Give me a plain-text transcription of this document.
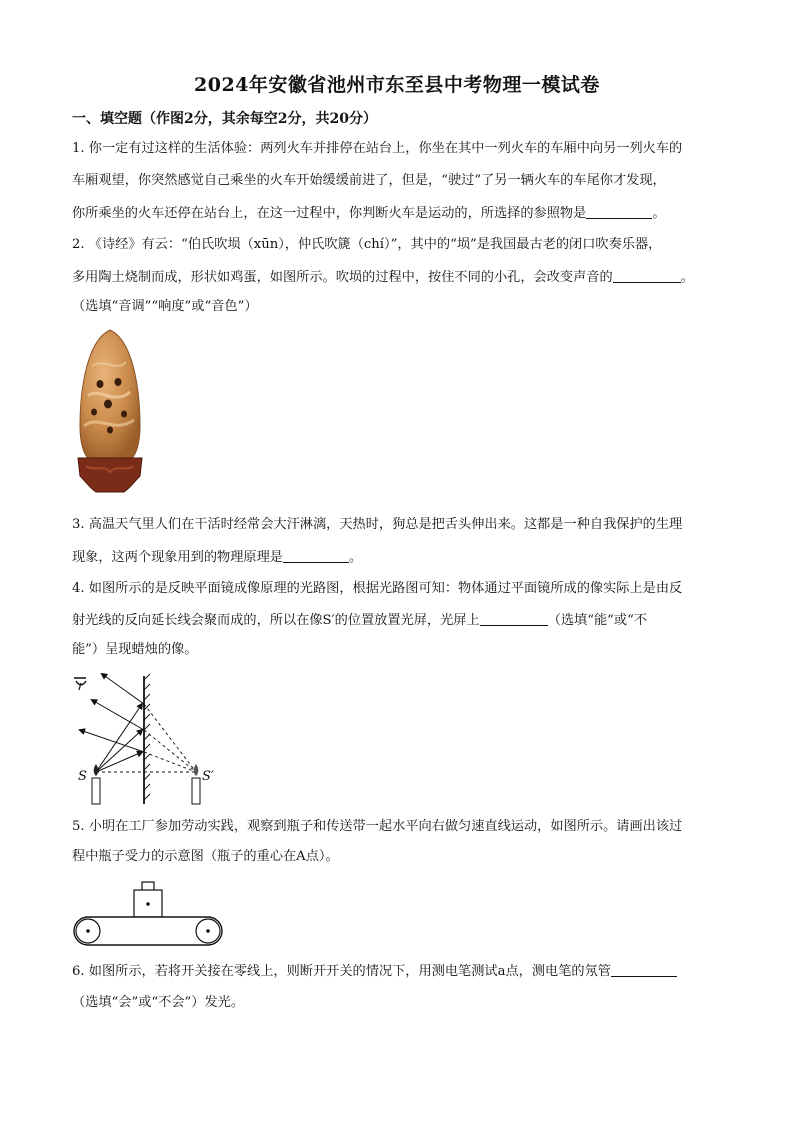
2024年安徽省池州市东至县中考物理一模试卷
一、填空题（作图2分，其余每空2分，共20分）
1. 你一定有过这样的生活体验：两列火车并排停在站台上，你坐在其中一列火车的车厢中向另一列火车的
车厢观望，你突然感觉自己乘坐的火车开始缓缓前进了，但是，“驶过”了另一辆火车的车尾你才发现，
你所乘坐的火车还停在站台上，在这一过程中，你判断火车是运动的，所选择的参照物是	。
2. 《诗经》有云：“伯氏吹埙（xūn），仲氏吹篪（chí）”，其中的“埙”是我国最古老的闭口吹奏乐器，
多用陶土烧制而成，形状如鸡蛋，如图所示。吹埙的过程中，按住不同的小孔，会改变声音的	。
（选填“音调”“响度”或“音色”）
3. 高温天气里人们在干活时经常会大汗淋漓，天热时，狗总是把舌头伸出来。这都是一种自我保护的生理
现象，这两个现象用到的物理原理是	。
4. 如图所示的是反映平面镜成像原理的光路图，根据光路图可知：物体通过平面镜所成的像实际上是由反
射光线的反向延长线会聚而成的，所以在像S′的位置放置光屏，光屏上	（选填“能”或“不
能”）呈现蜡烛的像。
S	S′
5. 小明在工厂参加劳动实践，观察到瓶子和传送带一起水平向右做匀速直线运动，如图所示。请画出该过
程中瓶子受力的示意图（瓶子的重心在A点）。
6. 如图所示，若将开关接在零线上，则断开开关的情况下，用测电笔测试a点，测电笔的氖管
（选填“会”或“不会”）发光。
